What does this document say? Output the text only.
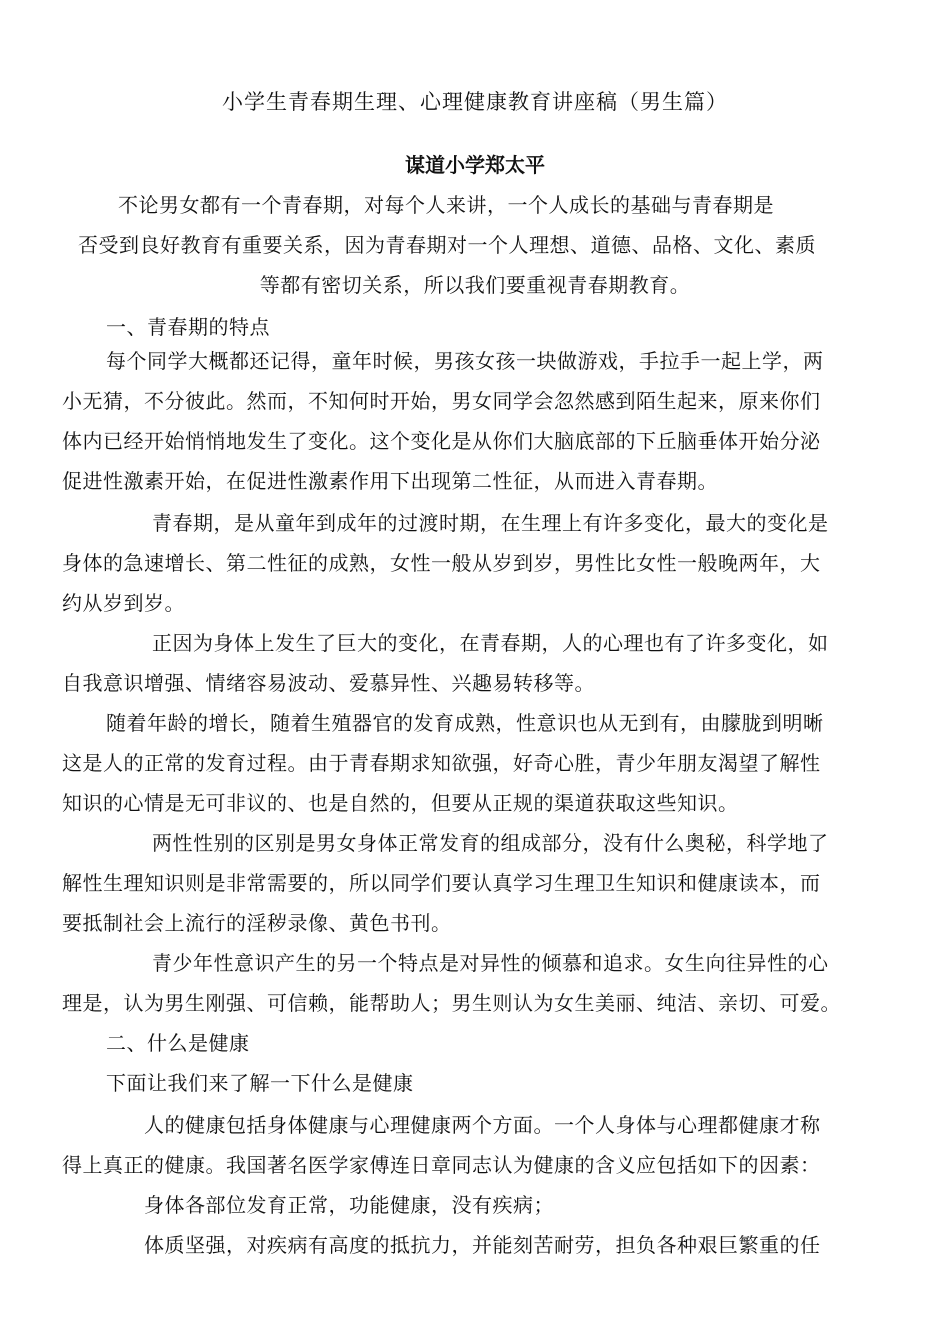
小学生青春期生理、心理健康教育讲座稿（男生篇）
谋道小学郑太平
不论男女都有一个青春期，对每个人来讲，一个人成长的基础与青春期是
否受到良好教育有重要关系，因为青春期对一个人理想、道德、品格、文化、素质
等都有密切关系，所以我们要重视青春期教育。
一、青春期的特点
每个同学大概都还记得，童年时候，男孩女孩一块做游戏，手拉手一起上学，两
小无猜，不分彼此。然而，不知何时开始，男女同学会忽然感到陌生起来，原来你们
体内已经开始悄悄地发生了变化。这个变化是从你们大脑底部的下丘脑垂体开始分泌
促进性激素开始，在促进性激素作用下出现第二性征，从而进入青春期。
青春期，是从童年到成年的过渡时期，在生理上有许多变化，最大的变化是
身体的急速增长、第二性征的成熟，女性一般从岁到岁，男性比女性一般晚两年，大
约从岁到岁。
正因为身体上发生了巨大的变化，在青春期，人的心理也有了许多变化，如
自我意识增强、情绪容易波动、爱慕异性、兴趣易转移等。
随着年龄的增长，随着生殖器官的发育成熟，性意识也从无到有，由朦胧到明晰
这是人的正常的发育过程。由于青春期求知欲强，好奇心胜，青少年朋友渴望了解性
知识的心情是无可非议的、也是自然的，但要从正规的渠道获取这些知识。
两性性别的区别是男女身体正常发育的组成部分，没有什么奥秘，科学地了
解性生理知识则是非常需要的，所以同学们要认真学习生理卫生知识和健康读本，而
要抵制社会上流行的淫秽录像、黄色书刊。
青少年性意识产生的另一个特点是对异性的倾慕和追求。女生向往异性的心
理是，认为男生刚强、可信赖，能帮助人；男生则认为女生美丽、纯洁、亲切、可爱。
二、什么是健康
下面让我们来了解一下什么是健康
人的健康包括身体健康与心理健康两个方面。一个人身体与心理都健康才称
得上真正的健康。我国著名医学家傅连日章同志认为健康的含义应包括如下的因素：
身体各部位发育正常，功能健康，没有疾病；
体质坚强，对疾病有高度的抵抗力，并能刻苦耐劳，担负各种艰巨繁重的任
